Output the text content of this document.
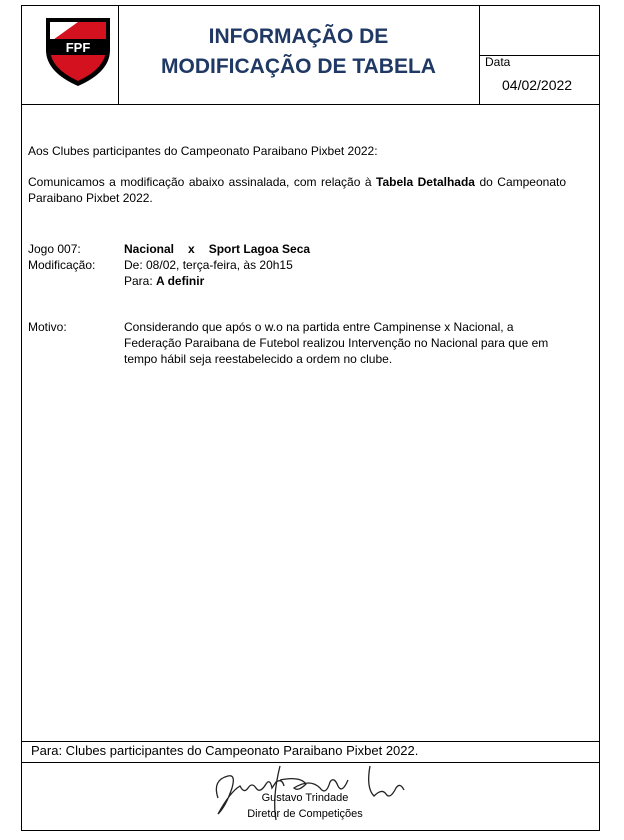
FPF	INFORMAÇÃO DE
MODIFICAÇÃO DE TABELA	Data
04/02/2022
Aos Clubes participantes do Campeonato Paraibano Pixbet 2022:
Comunicamos a modificação abaixo assinalada, com relação à Tabela Detalhada do Campeonato Paraibano Pixbet 2022.
Jogo 007:	Nacional x Sport Lagoa Seca
Modificação: De: 08/02, terça-feira, às 20h15
Para: A definir
Motivo:	Considerando que após o w.o na partida entre Campinense x Nacional, a Federação Paraibana de Futebol realizou Intervenção no Nacional para que em tempo hábil seja reestabelecido a ordem no clube.
Para: Clubes participantes do Campeonato Paraibano Pixbet 2022.
Gustavo Trindade
Diretor de Competições
